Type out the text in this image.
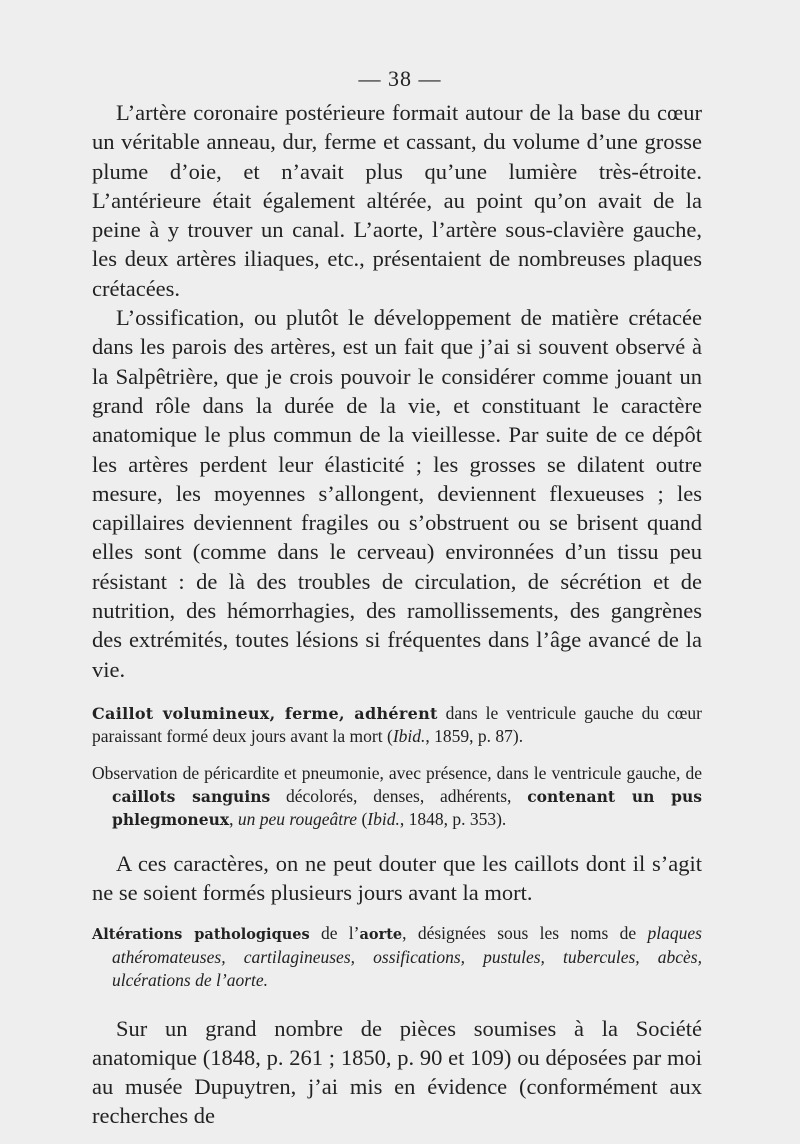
— 38 —

L’artère coronaire postérieure formait autour de la base du cœur un véritable anneau, dur, ferme et cassant, du volume d’une grosse plume d’oie, et n’avait plus qu’une lumière très-étroite. L’antérieure était également altérée, au point qu’on avait de la peine à y trouver un canal. L’aorte, l’artère sous-clavière gauche, les deux artères iliaques, etc., présentaient de nombreuses plaques crétacées.

L’ossification, ou plutôt le développement de matière crétacée dans les parois des artères, est un fait que j’ai si souvent observé à la Salpêtrière, que je crois pouvoir le considérer comme jouant un grand rôle dans la durée de la vie, et constituant le caractère anatomique le plus commun de la vieillesse. Par suite de ce dépôt les artères perdent leur élasticité ; les grosses se dilatent outre mesure, les moyennes s’allongent, deviennent flexueuses ; les capillaires deviennent fragiles ou s’obstruent ou se brisent quand elles sont (comme dans le cerveau) environnées d’un tissu peu résistant : de là des troubles de circulation, de sécrétion et de nutrition, des hémorrhagies, des ramollissements, des gangrènes des extrémités, toutes lésions si fréquentes dans l’âge avancé de la vie.

Caillot volumineux, ferme, adhérent dans le ventricule gauche du cœur paraissant formé deux jours avant la mort (Ibid., 1859, p. 87).

Observation de péricardite et pneumonie, avec présence, dans le ventricule gauche, de caillots sanguins décolorés, denses, adhérents, contenant un pus phlegmoneux, un peu rougeâtre (Ibid., 1848, p. 353).

A ces caractères, on ne peut douter que les caillots dont il s’agit ne se soient formés plusieurs jours avant la mort.

Altérations pathologiques de l’aorte, désignées sous les noms de plaques athéromateuses, cartilagineuses, ossifications, pustules, tubercules, abcès, ulcérations de l’aorte.

Sur un grand nombre de pièces soumises à la Société anatomique (1848, p. 261 ; 1850, p. 90 et 109) ou déposées par moi au musée Dupuytren, j’ai mis en évidence (conformément aux recherches de
